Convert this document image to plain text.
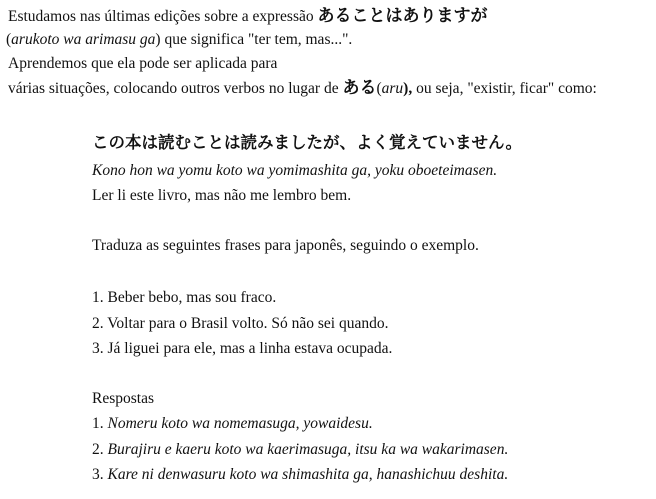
Estudamos nas últimas edições sobre a expressão あることはありますが
(arukoto wa arimasu ga) que significa "ter tem, mas...".
Aprendemos que ela pode ser aplicada para
várias situações, colocando outros verbos no lugar de ある(aru), ou seja, "existir, ficar" como:
この本は読むことは読みましたが、よく覚えていません。
Kono hon wa yomu koto wa yomimashita ga, yoku oboeteimasen.
Ler li este livro, mas não me lembro bem.
Traduza as seguintes frases para japonês, seguindo o exemplo.
1. Beber bebo, mas sou fraco.
2. Voltar para o Brasil volto. Só não sei quando.
3. Já liguei para ele, mas a linha estava ocupada.
Respostas
1. Nomeru koto wa nomemasuga, yowaidesu.
2. Burajiru e kaeru koto wa kaerimasuga, itsu ka wa wakarimasen.
3. Kare ni denwasuru koto wa shimashita ga, hanashichuu deshita.
